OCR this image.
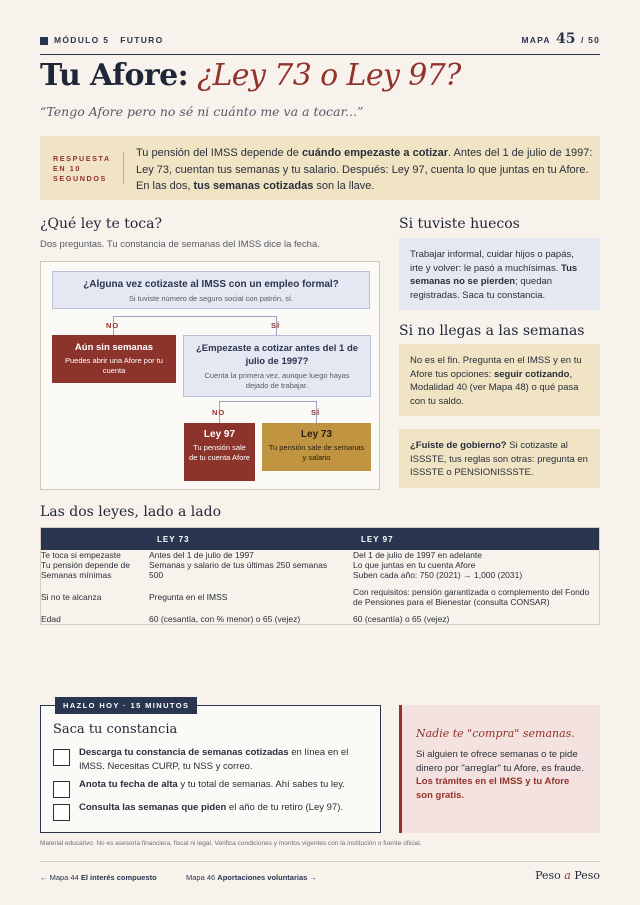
MÓDULO 5 FUTURO	MAPA 45 / 50
Tu Afore: ¿Ley 73 o Ley 97?
“Tengo Afore pero no sé ni cuánto me va a tocar...”
RESPUESTA EN 10 SEGUNDOS
Tu pensión del IMSS depende de cuándo empezaste a cotizar. Antes del 1 de julio de 1997: Ley 73, cuentan tus semanas y tu salario. Después: Ley 97, cuenta lo que juntas en tu Afore. En las dos, tus semanas cotizadas son la llave.
¿Qué ley te toca?
Dos preguntas. Tu constancia de semanas del IMSS dice la fecha.
¿Alguna vez cotizaste al IMSS con un empleo formal?
Si tuviste número de seguro social con patrón, sí.
NO	SÍ
Aún sin semanas
Puedes abrir una Afore por tu cuenta
¿Empezaste a cotizar antes del 1 de julio de 1997?
Cuenta la primera vez, aunque luego hayas dejado de trabajar.
NO	SÍ
Ley 97
Tu pensión sale de tu cuenta Afore
Ley 73
Tu pensión sale de semanas y salario
Si tuviste huecos
Trabajar informal, cuidar hijos o papás, irte y volver: le pasó a muchísimas. Tus semanas no se pierden; quedan registradas. Saca tu constancia.
Si no llegas a las semanas
No es el fin. Pregunta en el IMSS y en tu Afore tus opciones: seguir cotizando, Modalidad 40 (ver Mapa 48) o qué pasa con tu saldo.
¿Fuiste de gobierno? Si cotizaste al ISSSTE, tus reglas son otras: pregunta en ISSSTE o PENSIONISSSTE.
Las dos leyes, lado a lado
	LEY 73	LEY 97
Te toca si empezaste	Antes del 1 de julio de 1997	Del 1 de julio de 1997 en adelante
Tu pensión depende de	Semanas y salario de tus últimas 250 semanas	Lo que juntas en tu cuenta Afore
Semanas mínimas	500	Suben cada año: 750 (2021) → 1,000 (2031)
Si no te alcanza	Pregunta en el IMSS	Con requisitos: pensión garantizada o complemento del Fondo de Pensiones para el Bienestar (consulta CONSAR)
Edad	60 (cesantía, con % menor) o 65 (vejez)	60 (cesantía) o 65 (vejez)
HAZLO HOY · 15 MINUTOS
Saca tu constancia
Descarga tu constancia de semanas cotizadas en línea en el IMSS. Necesitas CURP, tu NSS y correo.
Anota tu fecha de alta y tu total de semanas. Ahí sabes tu ley.
Consulta las semanas que piden el año de tu retiro (Ley 97).
Nadie te "compra" semanas.
Si alguien te ofrece semanas o te pide dinero por "arreglar" tu Afore, es fraude. Los trámites en el IMSS y tu Afore son gratis.
Material educativo. No es asesoría financiera, fiscal ni legal. Verifica condiciones y montos vigentes con la institución o fuente oficial.
← Mapa 44 El interés compuesto	Mapa 46 Aportaciones voluntarias →	Peso a Peso
